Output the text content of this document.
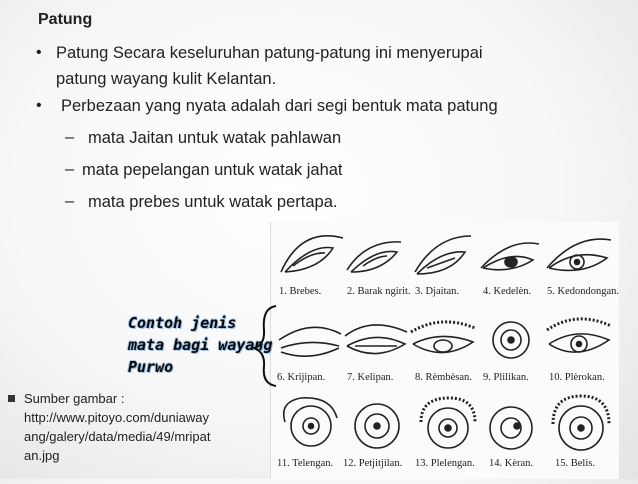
Patung
• Patung Secara keseluruhan patung-patung ini menyerupai
patung wayang kulit Kelantan.
• Perbezaan yang nyata adalah dari segi bentuk mata patung
– mata Jaitan untuk watak pahlawan
– mata pepelangan untuk watak jahat
– mata prebes untuk watak pertapa.
1. Brebes. 2. Barak ngirit. 3. Djaitan. 4. Kedelèn. 5. Kedondongan.
6. Krijipan. 7. Kelipan. 8. Rèmbèsan. 9. Plilikan. 10. Plèrokan.
11. Telengan. 12. Petjitjilan. 13. Plelengan. 14. Kèran. 15. Belis.
Contoh jenis
mata bagi wayang
Purwo
Sumber gambar :
http://www.pitoyo.com/duniaway
ang/galery/data/media/49/mripat
an.jpg
